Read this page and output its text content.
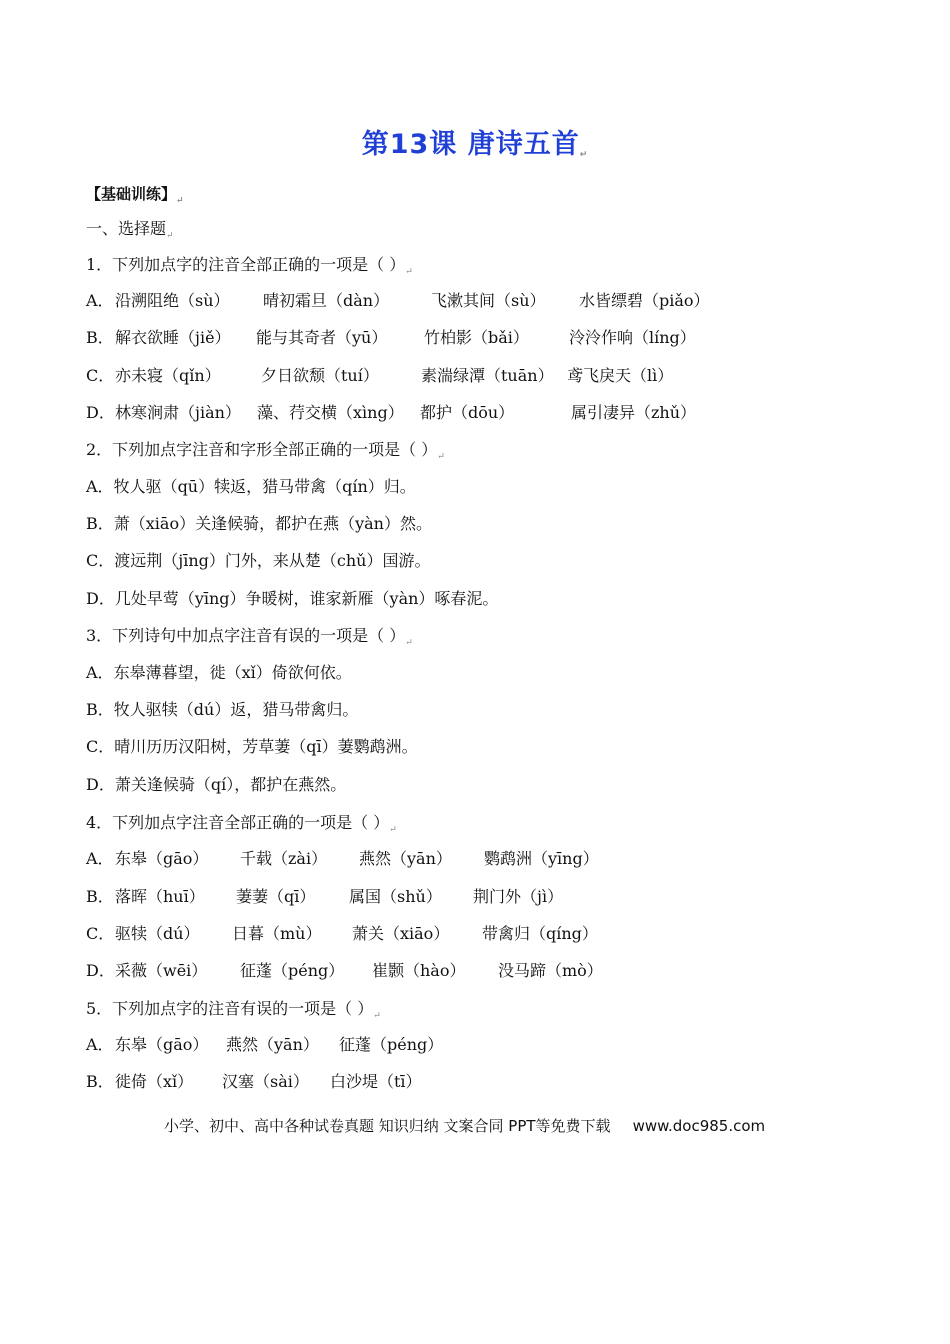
第13课 唐诗五首↵
【基础训练】$_↵$
一、选择题$_↵$
1．下列加点字的注音全部正确的一项是（ ）$_↵$
A． 沿溯阻绝（sù） 晴初霜旦（dàn）	飞漱其间（sù） 水皆缥碧（piǎo）
B． 解衣欲睡（jiě） 能与其奇者（yū） 竹柏影（bǎi）	泠泠作响（líng）
C． 亦未寝（qǐn）	夕日欲颓（tuí）	素湍绿潭（tuān） 鸢飞戾天（lì）
D． 林寒涧肃（jiàn） 藻、荇交横（xìng） 都护（dōu）	属引凄异（zhǔ）
2．下列加点字注音和字形全部正确的一项是（ ）$_↵$
A．牧人驱（qū）犊返，猎马带禽（qín）归。
B．萧（xiāo）关逢候骑，都护在燕（yàn）然。
C．渡远荆（jīng）门外，来从楚（chǔ）国游。
D．几处早莺（yīng）争暖树，谁家新雁（yàn）啄春泥。
3．下列诗句中加点字注音有误的一项是（ ）$_↵$
A．东皋薄暮望，徙（xǐ）倚欲何依。
B．牧人驱犊（dú）返，猎马带禽归。
C．晴川历历汉阳树，芳草萋（qī）萋鹦鹉洲。
D．萧关逢候骑（qí），都护在燕然。
4．下列加点字注音全部正确的一项是（ ）$_↵$
A． 东皋（gāo） 千载（zài） 燕然（yān） 鹦鹉洲（yīng）
B． 落晖（huī） 萋萋（qī） 属国（shǔ） 荆门外（jì）
C． 驱犊（dú） 日暮（mù） 萧关（xiāo） 带禽归（qíng）
D． 采薇（wēi） 征蓬（péng） 崔颢（hào） 没马蹄（mò）
5．下列加点字的注音有误的一项是（ ）$_↵$
A． 东皋（gāo） 燕然（yān） 征蓬（péng）
B． 徙倚（xǐ） 汉塞（sài） 白沙堤（tī）
小学、初中、高中各种试卷真题 知识归纳 文案合同 PPT等免费下载 www.doc985.com
